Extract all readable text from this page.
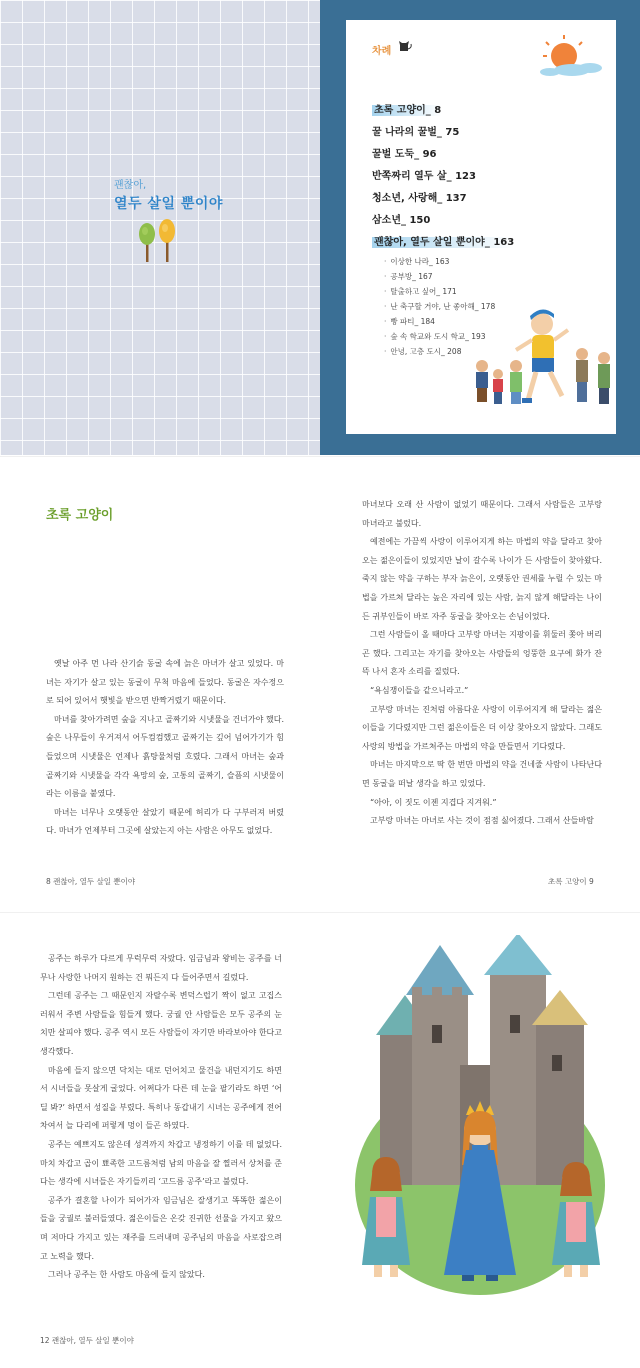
괜찮아,
열두 살일 뿐이야
차례
초록 고양이_ 8
꿀 나라의 꿀벌_ 75
꿀벌 도둑_ 96
반쪽짜리 열두 살_ 123
청소년, 사랑해_ 137
삼소년_ 150
괜찮아, 열두 살일 뿐이야_ 163
· 이상한 나라_ 163
· 공부방_ 167
· 탈출하고 싶어_ 171
· 난 축구할 거야, 난 좋아해_ 178
· 빵 파티_ 184
· 숲 속 학교와 도시 학교_ 193
· 안녕, 고층 도시_ 208
초록 고양이

옛날 아주 먼 나라 산기슭 동굴 속에 늙은 마녀가 살고 있었다. 마녀는 자기가 살고 있는 동굴이 무척 마음에 들었다. 동굴은 자수정으로 되어 있어서 햇빛을 받으면 반짝거렸기 때문이다.

마녀를 찾아가려면 숲을 지나고 골짜기와 시냇물을 건너가야 했다. 숲은 나무들이 우거져서 어두컴컴했고 골짜기는 깊어 넘어가기가 힘들었으며 시냇물은 언제나 흙탕물처럼 흐렸다. 그래서 마녀는 숲과 골짜기와 시냇물을 각각 욕망의 숲, 고통의 골짜기, 슬픔의 시냇물이라는 이름을 붙였다.

마녀는 너무나 오랫동안 살았기 때문에 허리가 다 구부러져 버렸다. 마녀가 언제부터 그곳에 살았는지 아는 사람은 아무도 없었다.

8 괜찮아, 열두 살일 뿐이야

마녀보다 오래 산 사람이 없었기 때문이다. 그래서 사람들은 고부랑 마녀라고 불렀다.

예전에는 가끔씩 사랑이 이루어지게 하는 마법의 약을 달라고 찾아오는 젊은이들이 있었지만 날이 갈수록 나이가 든 사람들이 찾아왔다. 죽지 않는 약을 구하는 부자 늙은이, 오랫동안 권세를 누릴 수 있는 마법을 가르쳐 달라는 높은 자리에 있는 사람, 늙지 않게 해달라는 나이 든 귀부인들이 바로 자주 동굴을 찾아오는 손님이었다.

그런 사람들이 올 때마다 고부랑 마녀는 지팡이를 휘둘러 쫓아 버리곤 했다. 그리고는 자기를 찾아오는 사람들의 엉뚱한 요구에 화가 잔뜩 나서 혼자 소리를 질렀다.

“욕심쟁이들을 같으니라고.”

고부랑 마녀는 진처럼 아름다운 사랑이 이루어지게 해 달라는 젊은이들을 기다렸지만 그런 젊은이들은 더 이상 찾아오지 않았다. 그래도 사랑의 방법을 가르쳐주는 마법의 약을 만들면서 기다렸다.

마녀는 마지막으로 딱 한 번만 마법의 약을 건네줄 사람이 나타난다면 동굴을 떠날 생각을 하고 있었다.

“아아, 이 짓도 이젠 지겹다 지겨워.”

고부랑 마녀는 마녀로 사는 것이 점점 싫어졌다. 그래서 산들바람

초록 고양이 9

공주는 하루가 다르게 무럭무럭 자랐다. 임금님과 왕비는 공주를 너무나 사랑한 나머지 원하는 건 뭐든지 다 들어주면서 길렀다.

그런데 공주는 그 때문인지 자랄수록 변덕스럽기 짝이 없고 고집스러워서 주변 사람들을 힘들게 했다. 궁궐 안 사람들은 모두 공주의 눈치만 살피야 했다. 공주 역시 모든 사람들이 자기만 바라보아야 한다고 생각했다.

마음에 들지 않으면 닥치는 대로 던어치고 물건을 내던지기도 하면서 시녀들을 못살게 굴었다. 어쩌다가 다른 데 눈을 팔기라도 하면 ‘어딜 봐?’ 하면서 성질을 부렸다. 특히나 동갑내기 시녀는 공주에게 전어차여서 늘 다리에 퍼렇게 멍이 들곤 하였다.

공주는 예쁘지도 않은데 성격까지 차갑고 냉정하기 이를 데 없었다. 마치 차갑고 곱이 뾰족한 고드름처럼 남의 마음을 잘 찔러서 상처를 준다는 생각에 시녀들은 자기들끼리 ‘고드름 공주’라고 불렀다.

공주가 결혼할 나이가 되어가자 임금님은 잘생기고 똑똑한 젊은이들을 궁궐로 불러들였다. 젊은이들은 온갖 진귀한 선물을 가지고 왔으며 저마다 가지고 있는 재주를 드러내며 공주님의 마음을 사로잡으려고 노력을 했다.

그러나 공주는 한 사람도 마음에 들지 않았다.

12 괜찮아, 열두 살일 뿐이야
